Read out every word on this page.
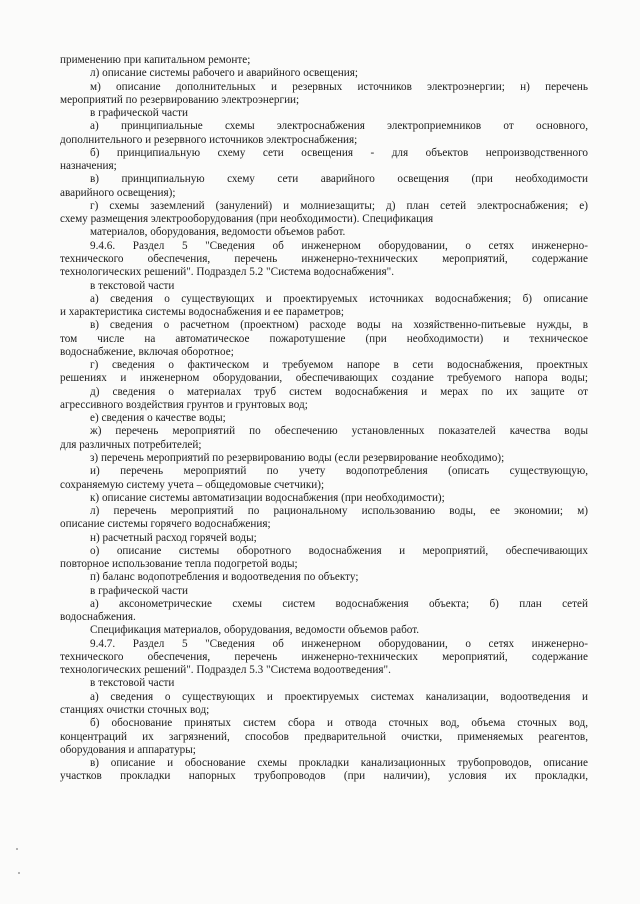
применению при капитальном ремонте;
л) описание системы рабочего и аварийного освещения;
м) описание дополнительных и резервных источников электроэнергии; н) перечень
мероприятий по резервированию электроэнергии;
в графической части
а) принципиальные схемы электроснабжения электроприемников от основного,
дополнительного и резервного источников электроснабжения;
б) принципиальную схему сети освещения - для объектов непроизводственного
назначения;
в) принципиальную схему сети аварийного освещения (при необходимости
аварийного освещения);
г) схемы заземлений (занулений) и молниезащиты; д) план сетей электроснабжения; е)
схему размещения электрооборудования (при необходимости). Спецификация
материалов, оборудования, ведомости объемов работ.
9.4.6. Раздел 5 "Сведения об инженерном оборудовании, о сетях инженерно-
технического обеспечения, перечень инженерно-технических мероприятий, содержание
технологических решений". Подраздел 5.2 "Система водоснабжения".
в текстовой части
а) сведения о существующих и проектируемых источниках водоснабжения; б) описание
и характеристика системы водоснабжения и ее параметров;
в) сведения о расчетном (проектном) расходе воды на хозяйственно-питьевые нужды, в
том числе на автоматическое пожаротушение (при необходимости) и техническое
водоснабжение, включая оборотное;
г) сведения о фактическом и требуемом напоре в сети водоснабжения, проектных
решениях и инженерном оборудовании, обеспечивающих создание требуемого напора воды;
д) сведения о материалах труб систем водоснабжения и мерах по их защите от
агрессивного воздействия грунтов и грунтовых вод;
е) сведения о качестве воды;
ж) перечень мероприятий по обеспечению установленных показателей качества воды
для различных потребителей;
з) перечень мероприятий по резервированию воды (если резервирование необходимо);
и) перечень мероприятий по учету водопотребления (описать существующую,
сохраняемую систему учета – общедомовые счетчики);
к) описание системы автоматизации водоснабжения (при необходимости);
л) перечень мероприятий по рациональному использованию воды, ее экономии; м)
описание системы горячего водоснабжения;
н) расчетный расход горячей воды;
о) описание системы оборотного водоснабжения и мероприятий, обеспечивающих
повторное использование тепла подогретой воды;
п) баланс водопотребления и водоотведения по объекту;
в графической части
а) аксонометрические схемы систем водоснабжения объекта; б) план сетей
водоснабжения.
Спецификация материалов, оборудования, ведомости объемов работ.
9.4.7. Раздел 5 "Сведения об инженерном оборудовании, о сетях инженерно-
технического обеспечения, перечень инженерно-технических мероприятий, содержание
технологических решений". Подраздел 5.3 "Система водоотведения".
в текстовой части
а) сведения о существующих и проектируемых системах канализации, водоотведения и
станциях очистки сточных вод;
б) обоснование принятых систем сбора и отвода сточных вод, объема сточных вод,
концентраций их загрязнений, способов предварительной очистки, применяемых реагентов,
оборудования и аппаратуры;
в) описание и обоснование схемы прокладки канализационных трубопроводов, описание
участков прокладки напорных трубопроводов (при наличии), условия их прокладки,
